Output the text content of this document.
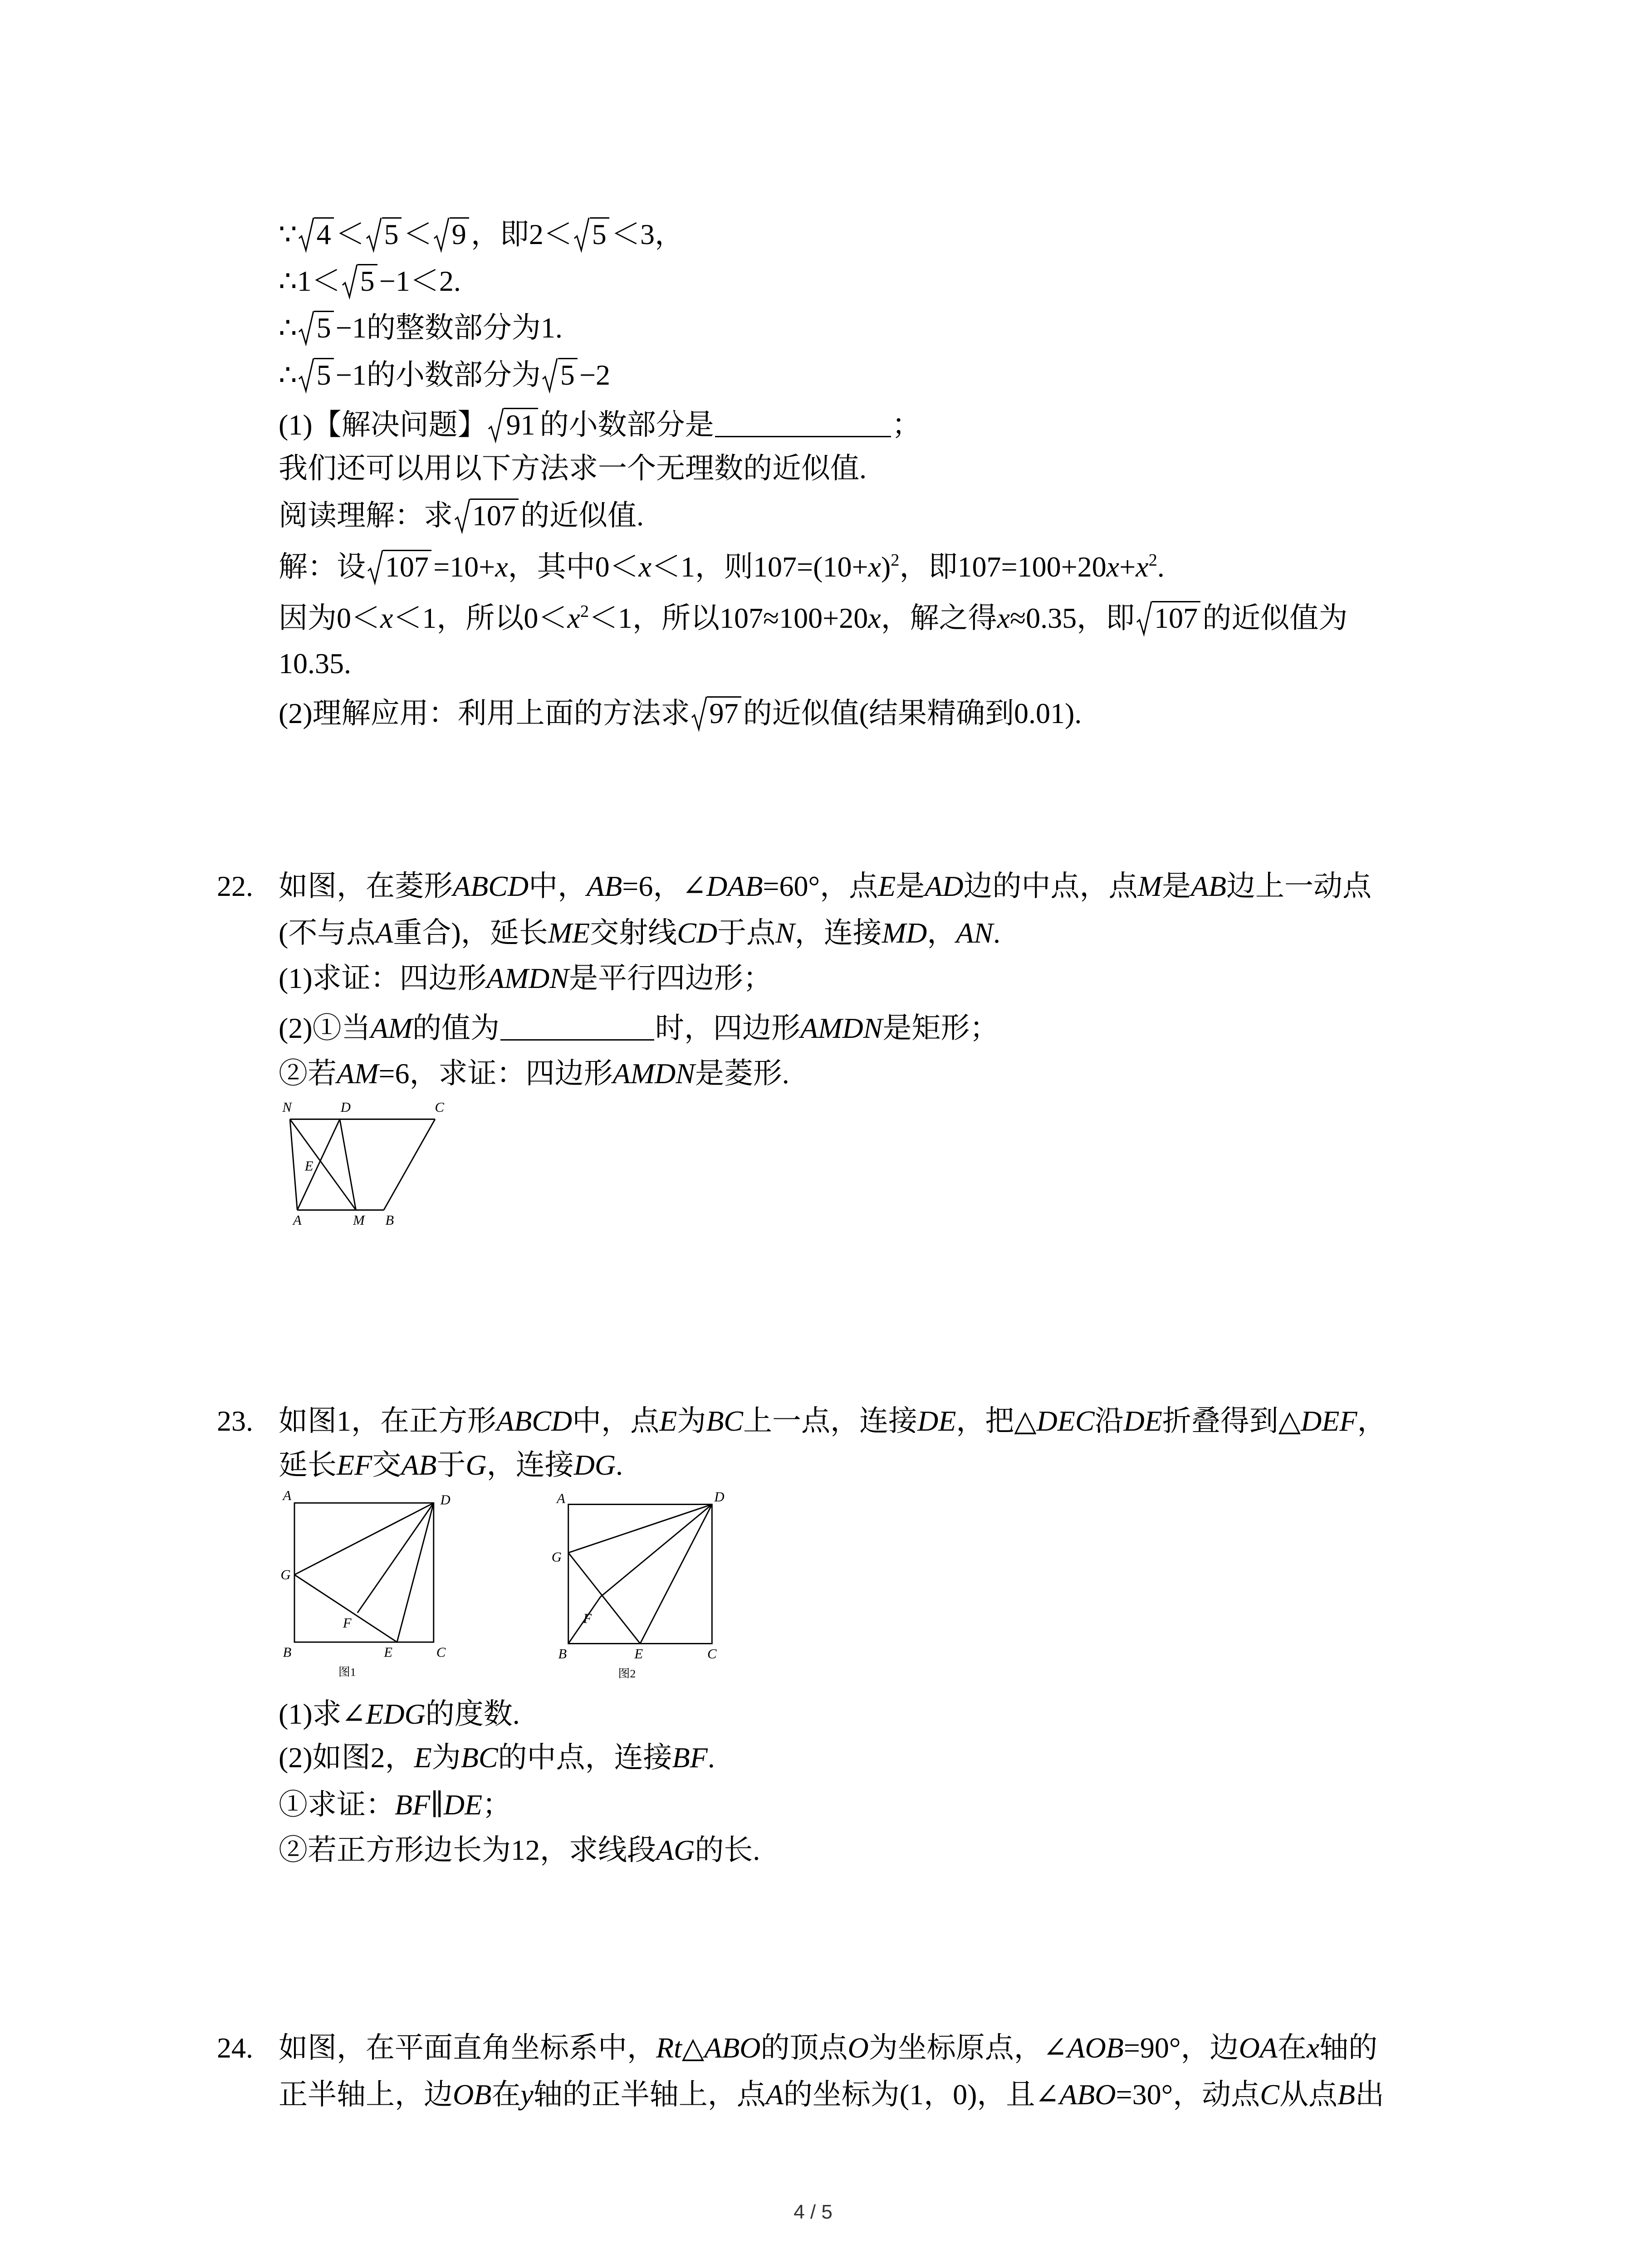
∵ 4 ＜ 5 ＜ 9 ，即2＜ 5 ＜3，
∴1＜ 5 −1＜2.
∴ 5 −1的整数部分为1.
∴ 5 −1的小数部分为 5 −2
(1)【解决问题】 91 的小数部分是	；
我们还可以用以下方法求一个无理数的近似值.
阅读理解：求 107 的近似值.
解：设 107 =10+x，其中0＜x＜1，则$107=(10+x)^2$，即$107=100+20x+x^2$.
因为0＜x＜1，所以$0<x^2<1$，所以107≈100+20x，解之得x≈0.35，即 107 的近似值为
10.35.
(2)理解应用：利用上面的方法求 97 的近似值(结果精确到0.01).
22. 如图，在菱形ABCD中，AB=6，∠DAB=60°，点E是AD边的中点，点M是AB边上一动点
(不与点A重合)，延长ME交射线CD于点N，连接MD，AN.
(1)求证：四边形AMDN是平行四边形；
(2)①当AM的值为	时，四边形AMDN是矩形；
②若AM=6，求证：四边形AMDN是菱形.
N	D	C
E
A	M	B
23. 如图1，在正方形ABCD中，点E为BC上一点，连接DE，把△DEC沿DE折叠得到△DEF，
延长EF交AB于G，连接DG.
A	D
G
F
B	E	C
图1
A	D
G
F
B	E	C
图2
(1)求∠EDG的度数.
(2)如图2，E为BC的中点，连接BF.
①求证：BF∥DE；
②若正方形边长为12，求线段AG的长.
24. 如图，在平面直角坐标系中，Rt△ABO的顶点O为坐标原点，∠AOB=90°，边OA在x轴的
正半轴上，边OB在y轴的正半轴上，点A的坐标为(1，0)，且∠ABO=30°，动点C从点B出
4 / 5
